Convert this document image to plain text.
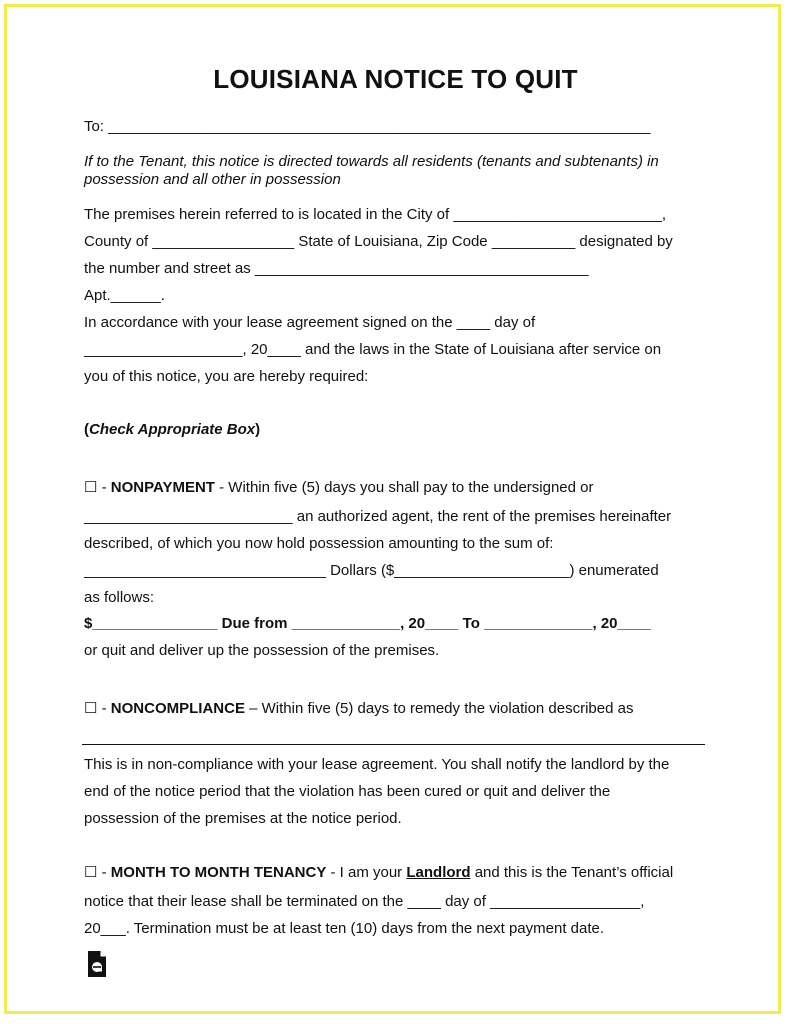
LOUISIANA NOTICE TO QUIT
To: _________________________________________________________________
If to the Tenant, this notice is directed towards all residents (tenants and subtenants) in
possession and all other in possession
The premises herein referred to is located in the City of _________________________,
County of _________________ State of Louisiana, Zip Code __________ designated by
the number and street as ________________________________________
Apt.______.
In accordance with your lease agreement signed on the ____ day of
___________________, 20____ and the laws in the State of Louisiana after service on
you of this notice, you are hereby required:
(Check Appropriate Box)
☐ - NONPAYMENT - Within five (5) days you shall pay to the undersigned or
_________________________ an authorized agent, the rent of the premises hereinafter
described, of which you now hold possession amounting to the sum of:
_____________________________ Dollars ($_____________________) enumerated
as follows:
$_______________ Due from _____________, 20____ To _____________, 20____
or quit and deliver up the possession of the premises.
☐ - NONCOMPLIANCE – Within five (5) days to remedy the violation described as
This is in non-compliance with your lease agreement. You shall notify the landlord by the
end of the notice period that the violation has been cured or quit and deliver the
possession of the premises at the notice period.
☐ - MONTH TO MONTH TENANCY - I am your Landlord and this is the Tenant’s official
notice that their lease shall be terminated on the ____ day of __________________,
20___. Termination must be at least ten (10) days from the next payment date.
